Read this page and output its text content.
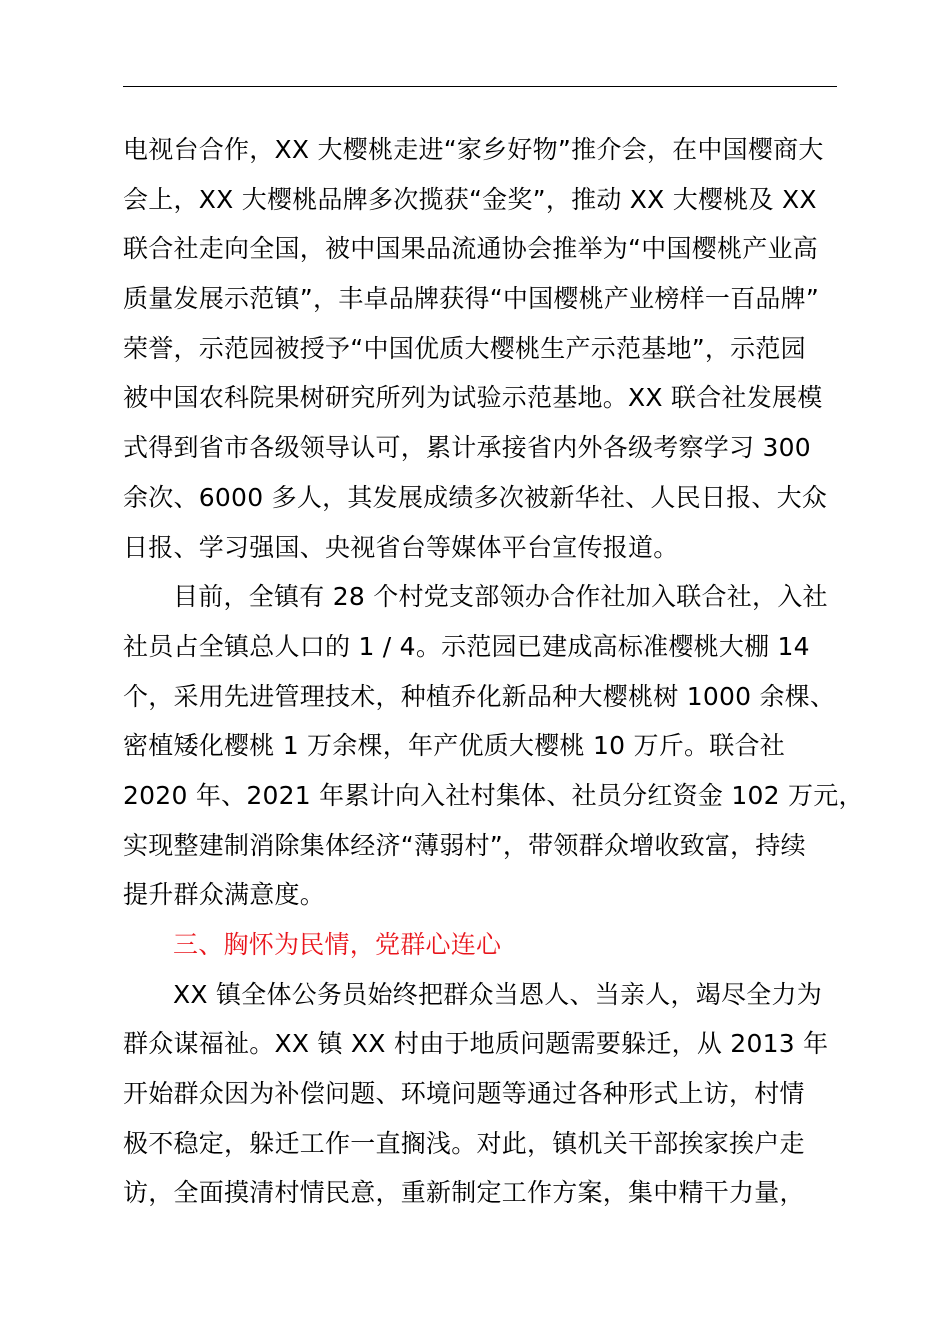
电视台合作，XX 大樱桃走进“家乡好物”推介会，在中国樱商大
会上，XX 大樱桃品牌多次揽获“金奖”，推动 XX 大樱桃及 XX
联合社走向全国，被中国果品流通协会推举为“中国樱桃产业高
质量发展示范镇”，丰卓品牌获得“中国樱桃产业榜样一百品牌”
荣誉，示范园被授予“中国优质大樱桃生产示范基地”，示范园
被中国农科院果树研究所列为试验示范基地。XX 联合社发展模
式得到省市各级领导认可，累计承接省内外各级考察学习 300
余次、6000 多人，其发展成绩多次被新华社、人民日报、大众
日报、学习强国、央视省台等媒体平台宣传报道。
目前，全镇有 28 个村党支部领办合作社加入联合社，入社
社员占全镇总人口的 1 / 4。示范园已建成高标准樱桃大棚 14
个，采用先进管理技术，种植乔化新品种大樱桃树 1000 余棵、
密植矮化樱桃 1 万余棵，年产优质大樱桃 10 万斤。联合社
2020 年、2021 年累计向入社村集体、社员分红资金 102 万元，
实现整建制消除集体经济“薄弱村”，带领群众增收致富，持续
提升群众满意度。
三、胸怀为民情，党群心连心
XX 镇全体公务员始终把群众当恩人、当亲人，竭尽全力为
群众谋福祉。XX 镇 XX 村由于地质问题需要躲迁，从 2013 年
开始群众因为补偿问题、环境问题等通过各种形式上访，村情
极不稳定，躲迁工作一直搁浅。对此，镇机关干部挨家挨户走
访，全面摸清村情民意，重新制定工作方案，集中精干力量，
